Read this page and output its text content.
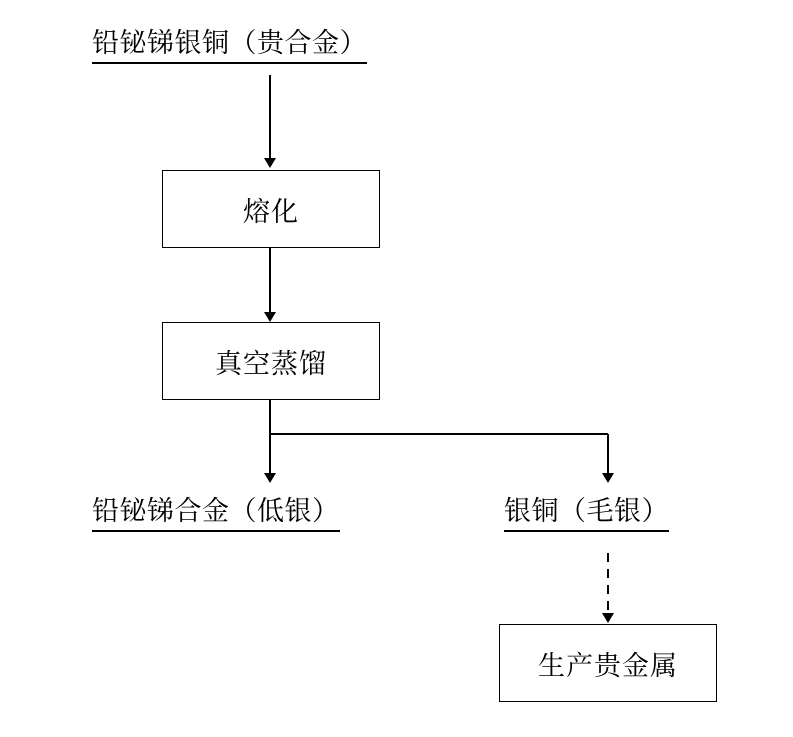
铅铋锑银铜（贵合金）
熔化
真空蒸馏
铅铋锑合金（低银）	银铜（毛银）
生产贵金属
